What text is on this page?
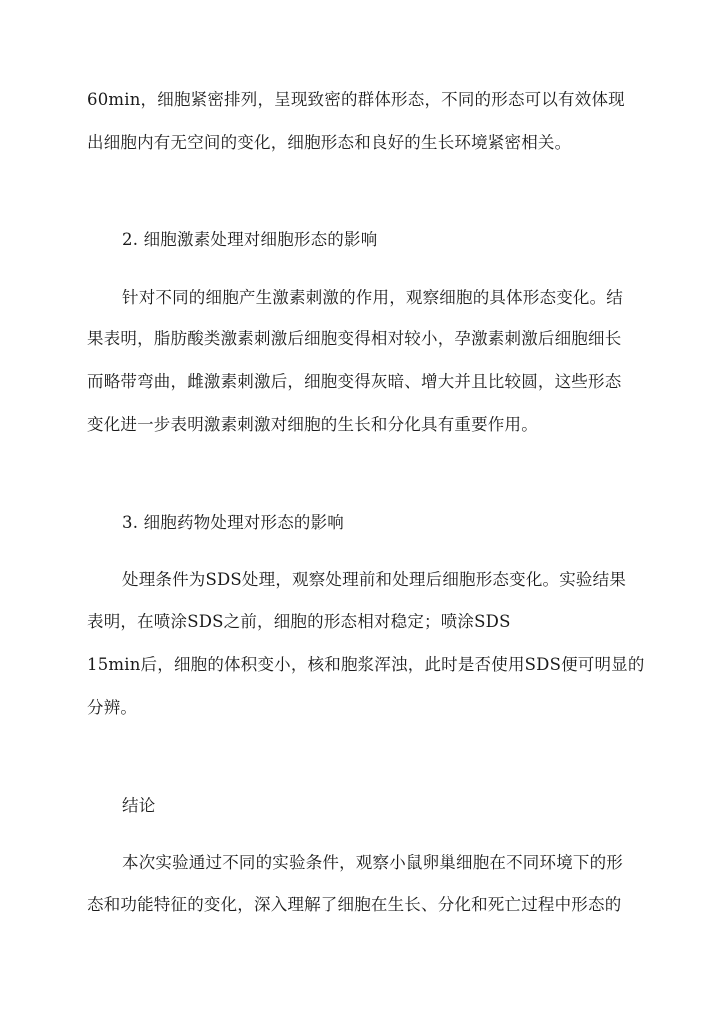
60min，细胞紧密排列，呈现致密的群体形态，不同的形态可以有效体现
出细胞内有无空间的变化，细胞形态和良好的生长环境紧密相关。
2. 细胞激素处理对细胞形态的影响
针对不同的细胞产生激素刺激的作用，观察细胞的具体形态变化。结
果表明，脂肪酸类激素刺激后细胞变得相对较小，孕激素刺激后细胞细长
而略带弯曲，雌激素刺激后，细胞变得灰暗、增大并且比较圆，这些形态
变化进一步表明激素刺激对细胞的生长和分化具有重要作用。
3. 细胞药物处理对形态的影响
处理条件为SDS处理，观察处理前和处理后细胞形态变化。实验结果
表明，在喷涂SDS之前，细胞的形态相对稳定；喷涂SDS
15min后，细胞的体积变小，核和胞浆浑浊，此时是否使用SDS便可明显的
分辨。
结论
本次实验通过不同的实验条件，观察小鼠卵巢细胞在不同环境下的形
态和功能特征的变化，深入理解了细胞在生长、分化和死亡过程中形态的
